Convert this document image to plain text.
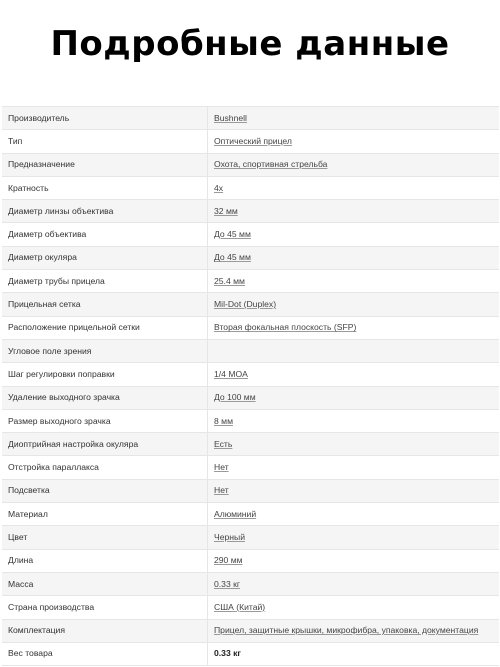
Подробные данные
Производитель	Bushnell
Тип	Оптический прицел
Предназначение	Охота, спортивная стрельба
Кратность	4x
Диаметр линзы объектива	32 мм
Диаметр объектива	До 45 мм
Диаметр окуляра	До 45 мм
Диаметр трубы прицела	25.4 мм
Прицельная сетка	Mil-Dot (Duplex)
Расположение прицельной сетки	Вторая фокальная плоскость (SFP)
Угловое поле зрения	
Шаг регулировки поправки	1/4 MOA
Удаление выходного зрачка	До 100 мм
Размер выходного зрачка	8 мм
Диоптрийная настройка окуляра	Есть
Отстройка параллакса	Нет
Подсветка	Нет
Материал	Алюминий
Цвет	Черный
Длина	290 мм
Масса	0.33 кг
Страна производства	США (Китай)
Комплектация	Прицел, защитные крышки, микрофибра, упаковка, документация
Вес товара	0.33 кг
